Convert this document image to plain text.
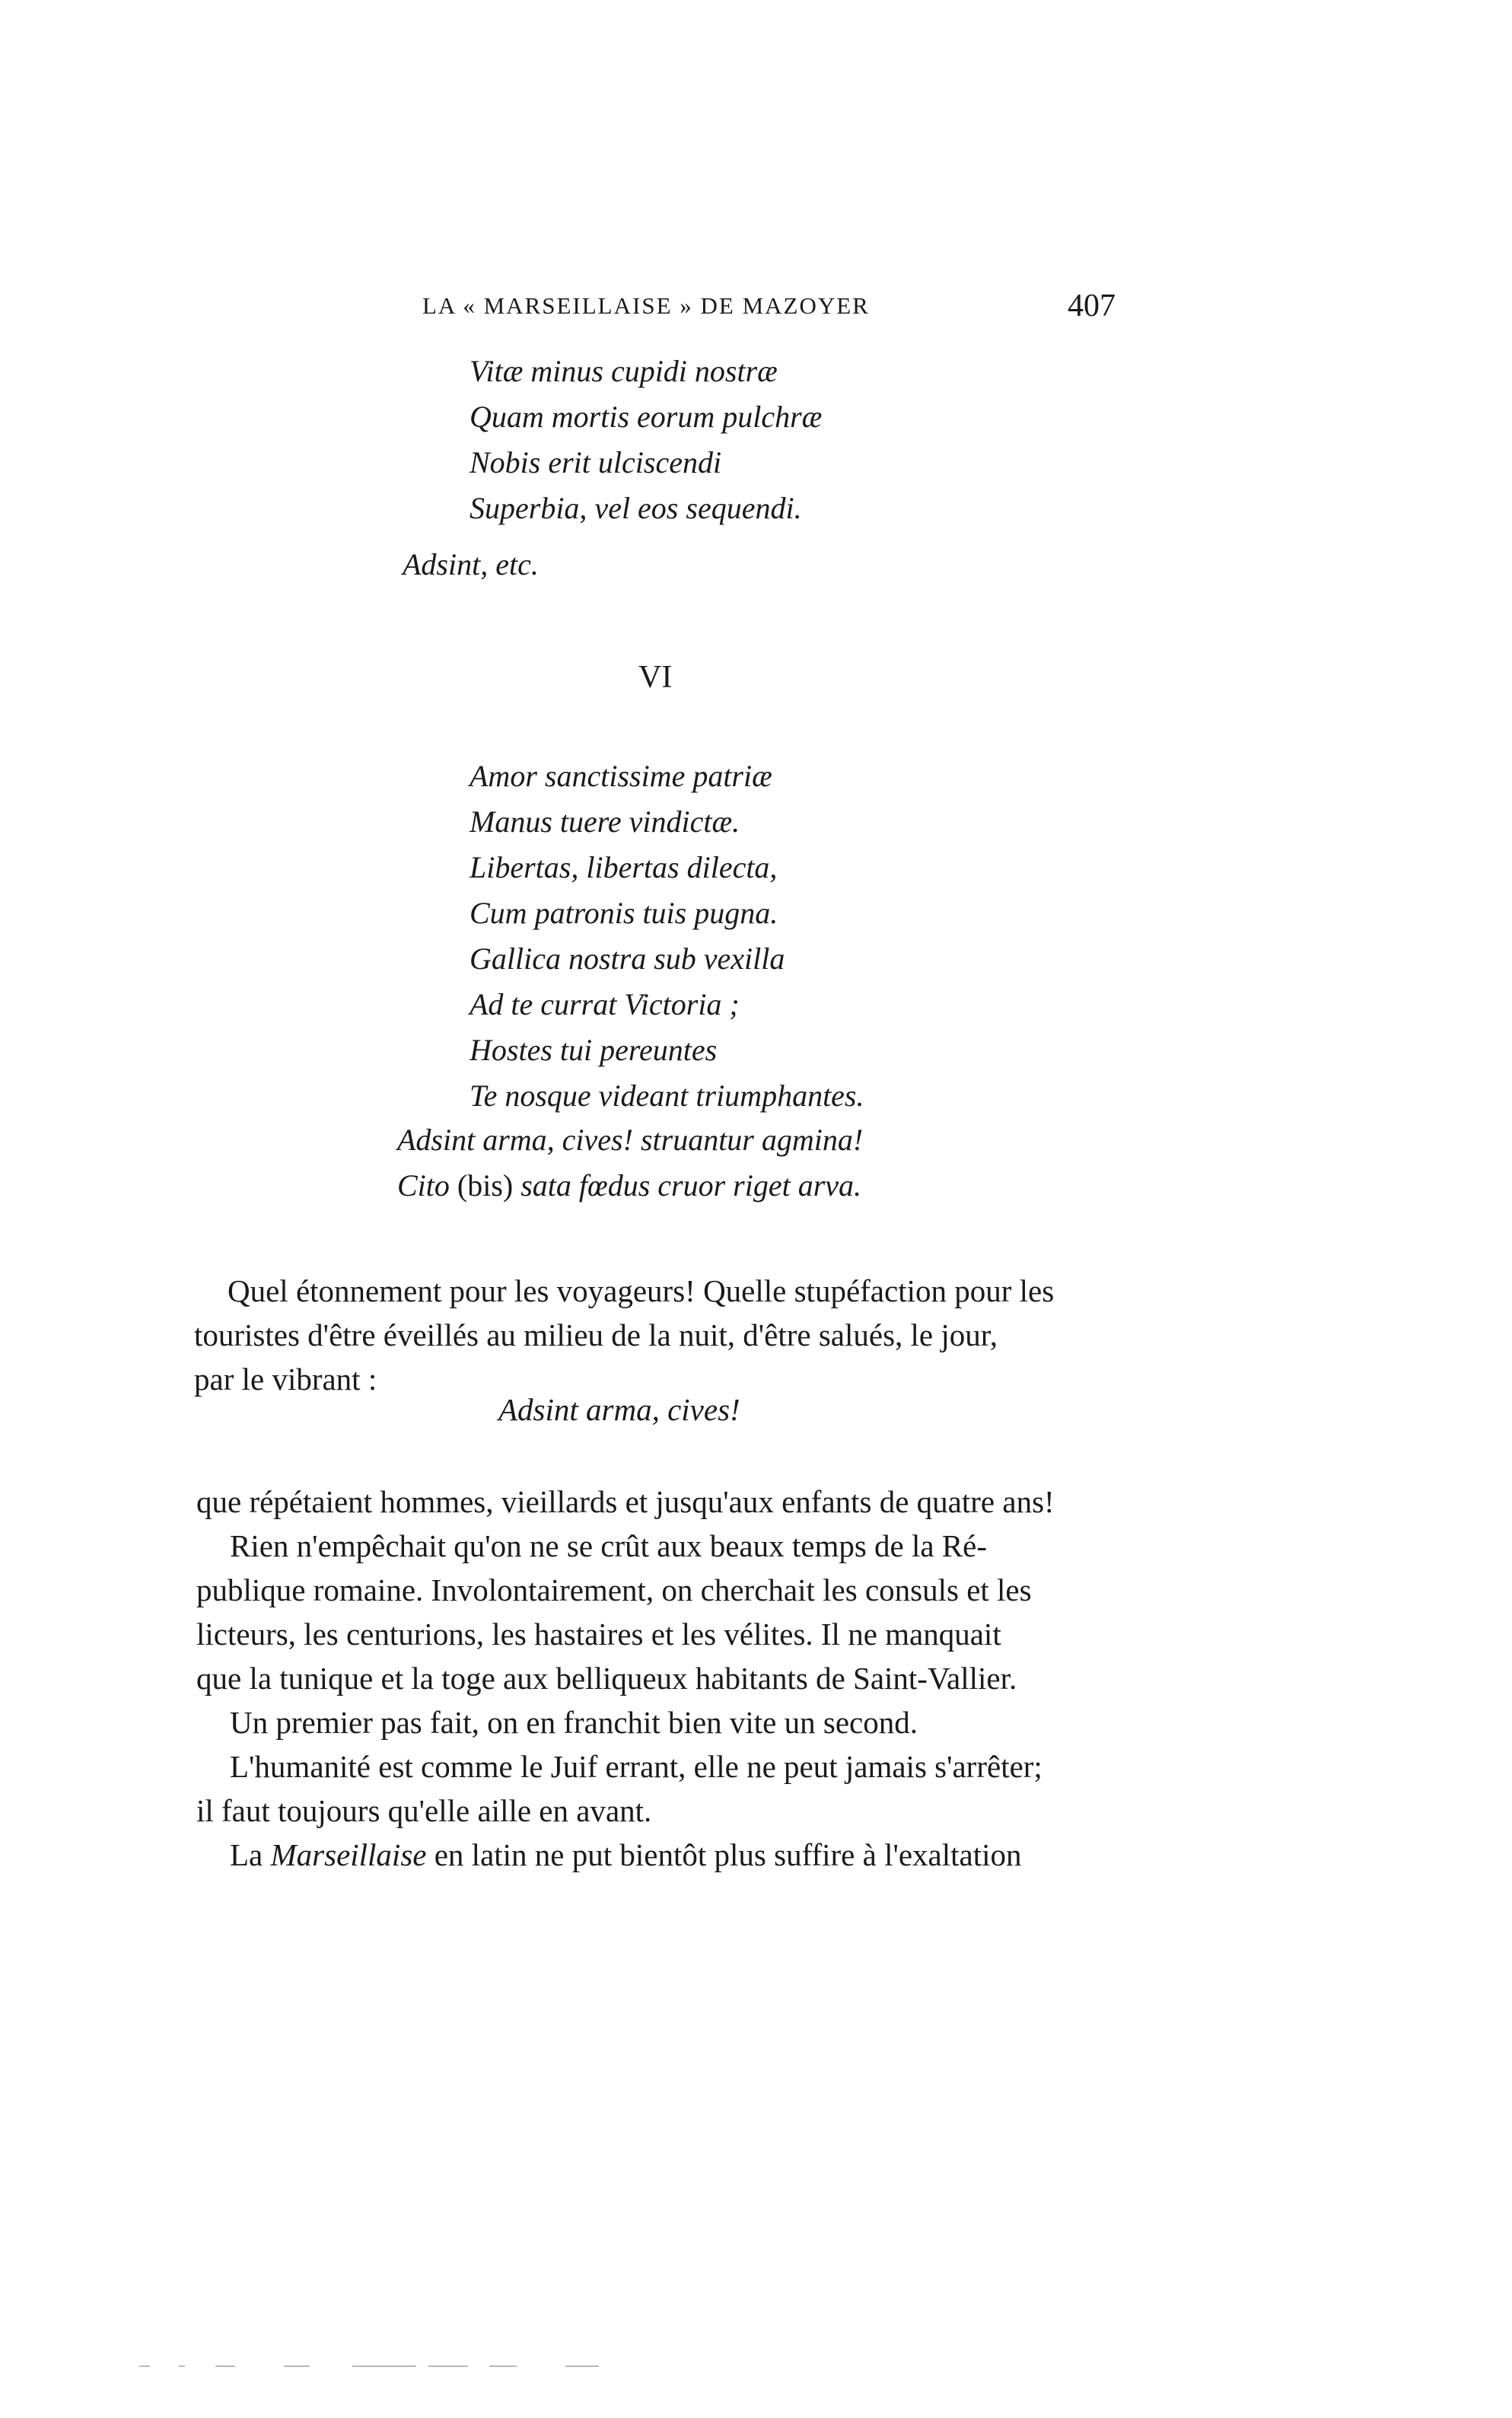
LA « MARSEILLAISE » DE MAZOYER	407
Vitæ minus cupidi nostræ
Quam mortis eorum pulchræ
Nobis erit ulciscendi
Superbia, vel eos sequendi.
Adsint, etc.
VI
Amor sanctissime patriæ
Manus tuere vindictæ.
Libertas, libertas dilecta,
Cum patronis tuis pugna.
Gallica nostra sub vexilla
Ad te currat Victoria ;
Hostes tui pereuntes
Te nosque videant triumphantes.
Adsint arma, cives! struantur agmina!
Cito (bis) sata fœdus cruor riget arva.
Quel étonnement pour les voyageurs! Quelle stupéfaction pour les
touristes d'être éveillés au milieu de la nuit, d'être salués, le jour,
par le vibrant :
Adsint arma, cives!
que répétaient hommes, vieillards et jusqu'aux enfants de quatre ans!
Rien n'empêchait qu'on ne se crût aux beaux temps de la Ré-
publique romaine. Involontairement, on cherchait les consuls et les
licteurs, les centurions, les hastaires et les vélites. Il ne manquait
que la tunique et la toge aux belliqueux habitants de Saint-Vallier.
Un premier pas fait, on en franchit bien vite un second.
L'humanité est comme le Juif errant, elle ne peut jamais s'arrêter;
il faut toujours qu'elle aille en avant.
La Marseillaise en latin ne put bientôt plus suffire à l'exaltation
